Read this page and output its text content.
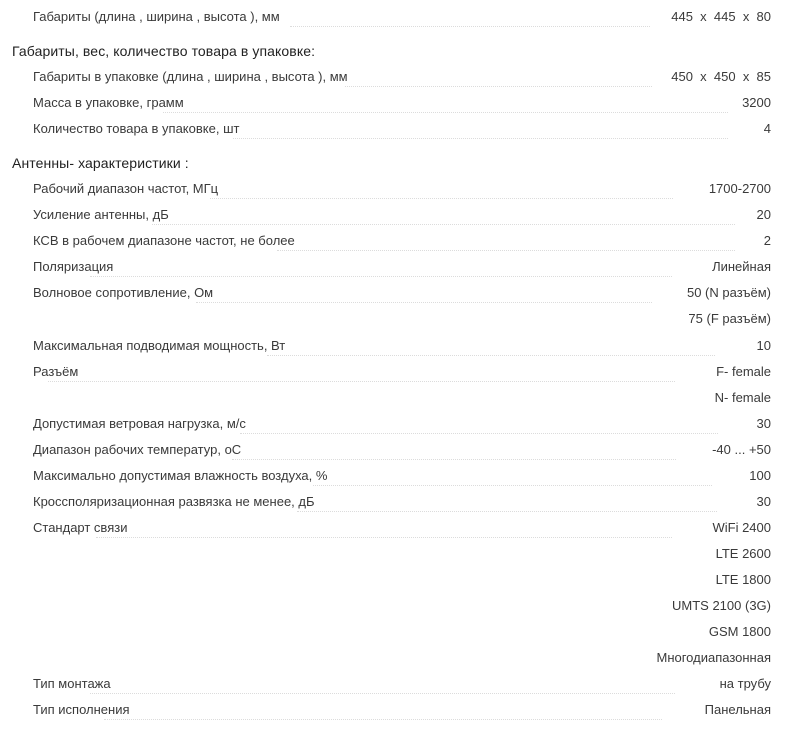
Габариты (длина , ширина , высота ), мм	445  x  445  x  80
Габариты, вес, количество товара в упаковке:
Габариты в упаковке (длина , ширина , высота ), мм	450  x  450  x  85
Масса в упаковке, грамм	3200
Количество товара в упаковке, шт	4
Антенны- характеристики :
Рабочий диапазон частот, МГц	1700-2700
Усиление антенны, дБ	20
КСВ в рабочем диапазоне частот, не более	2
Поляризация	Линейная
Волновое сопротивление, Ом	50 (N разъём)
75 (F разъём)
Максимальная подводимая мощность, Вт	10
Разъём	F- female
N- female
Допустимая ветровая нагрузка, м/с	30
Диапазон рабочих температур, оС	-40 ... +50
Максимально допустимая влажность воздуха, %	100
Кроссполяризационная развязка не менее, дБ	30
Стандарт связи	WiFi 2400
LTE 2600
LTE 1800
UMTS 2100 (3G)
GSM 1800
Многодиапазонная
Тип монтажа	на трубу
Тип исполнения	Панельная
